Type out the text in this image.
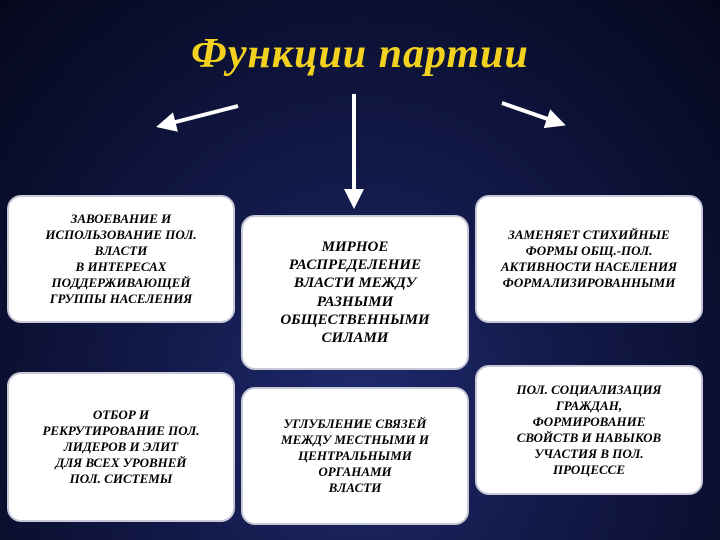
Функции партии
ЗАВОЕВАНИЕ И
ИСПОЛЬЗОВАНИЕ ПОЛ.
ВЛАСТИ
В ИНТЕРЕСАХ
ПОДДЕРЖИВАЮЩЕЙ
ГРУППЫ НАСЕЛЕНИЯ
МИРНОЕ
РАСПРЕДЕЛЕНИЕ
ВЛАСТИ МЕЖДУ
РАЗНЫМИ
ОБЩЕСТВЕННЫМИ
СИЛАМИ
ЗАМЕНЯЕТ СТИХИЙНЫЕ
ФОРМЫ ОБЩ.-ПОЛ.
АКТИВНОСТИ НАСЕЛЕНИЯ
ФОРМАЛИЗИРОВАННЫМИ
ОТБОР И
РЕКРУТИРОВАНИЕ ПОЛ.
ЛИДЕРОВ И ЭЛИТ
ДЛЯ ВСЕХ УРОВНЕЙ
ПОЛ. СИСТЕМЫ
УГЛУБЛЕНИЕ СВЯЗЕЙ
МЕЖДУ МЕСТНЫМИ И
ЦЕНТРАЛЬНЫМИ
ОРГАНАМИ
ВЛАСТИ
ПОЛ. СОЦИАЛИЗАЦИЯ
ГРАЖДАН,
ФОРМИРОВАНИЕ
СВОЙСТВ И НАВЫКОВ
УЧАСТИЯ В ПОЛ.
ПРОЦЕССЕ
